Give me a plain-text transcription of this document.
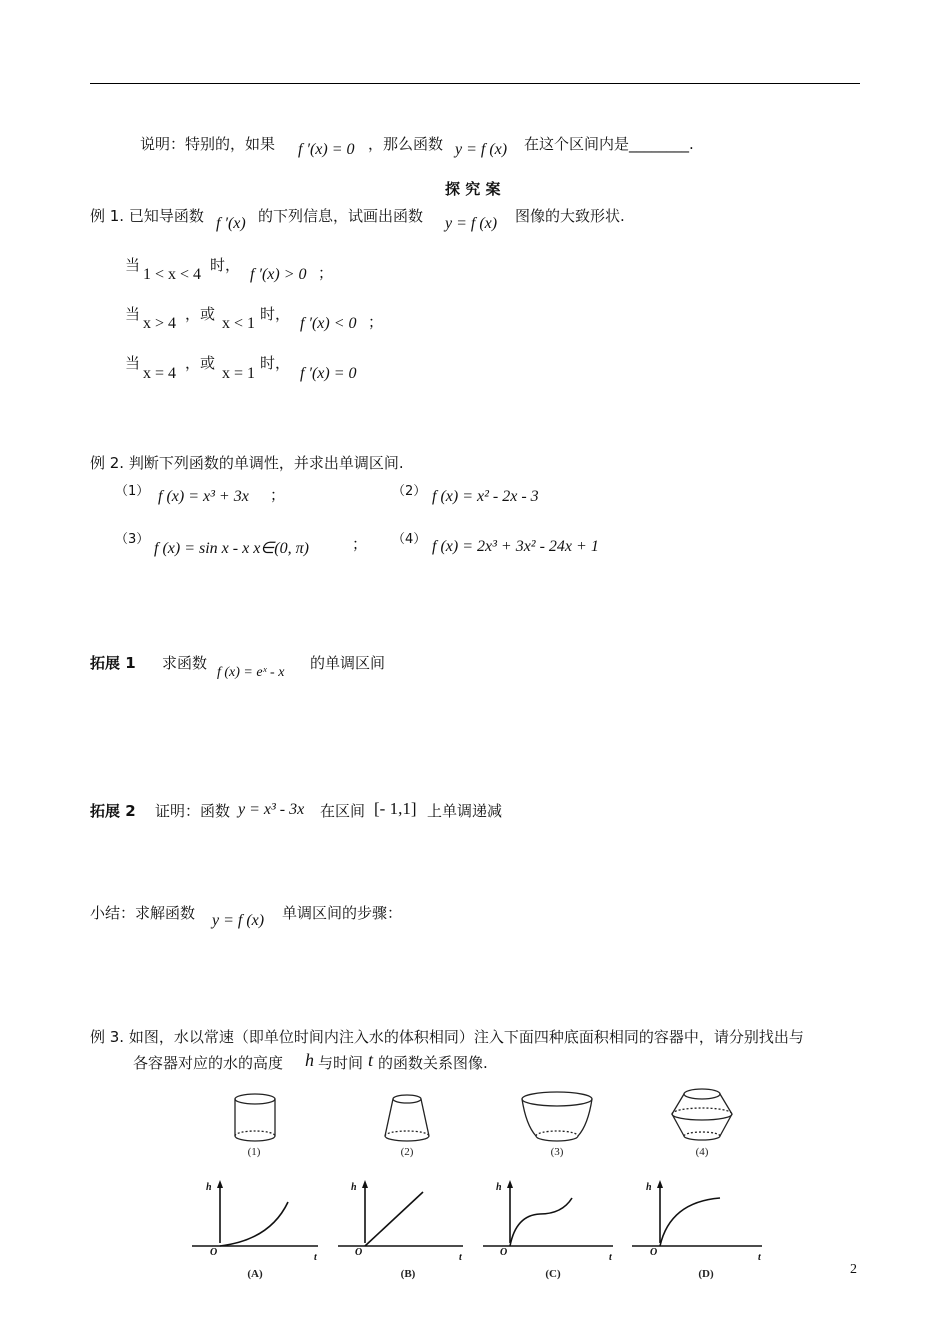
说明：特别的，如果 f ′(x) = 0 ，那么函数 y = f (x) 在这个区间内是________.
探 究 案
例 1. 已知导函数 f ′(x) 的下列信息，试画出函数 y = f (x) 图像的大致形状.
当
1 < x < 4
时，
f ′(x) > 0 ；
当
x > 4
，或
x < 1
时，
f ′(x) < 0 ；
当
x = 4
，或
x = 1
时，
f ′(x) = 0
例 2. 判断下列函数的单调性，并求出单调区间.
（1） f (x) = x³ + 3x ；	（2） f (x) = x² - 2x - 3
（3）
f (x) = sin x - x x∈(0, π)	； （4） f (x) = 2x³ + 3x² - 24x + 1
拓展 1 求函数
f (x) = eˣ - x
的单调区间
拓展 2 证明：函数 y = x³ - 3x 在区间 [- 1,1] 上单调递减
小结：求解函数 y = f (x) 单调区间的步骤：
例 3. 如图，水以常速（即单位时间内注入水的体积相同）注入下面四种底面积相同的容器中，请分别找出与
各容器对应的水的高度 h 与时间 t 的函数关系图像.
(1)	(2)	(3)	(4)
h
t
O
h
t
O
h
t
O
h
t
O
(A)	(B)	(C)	(D)	2
